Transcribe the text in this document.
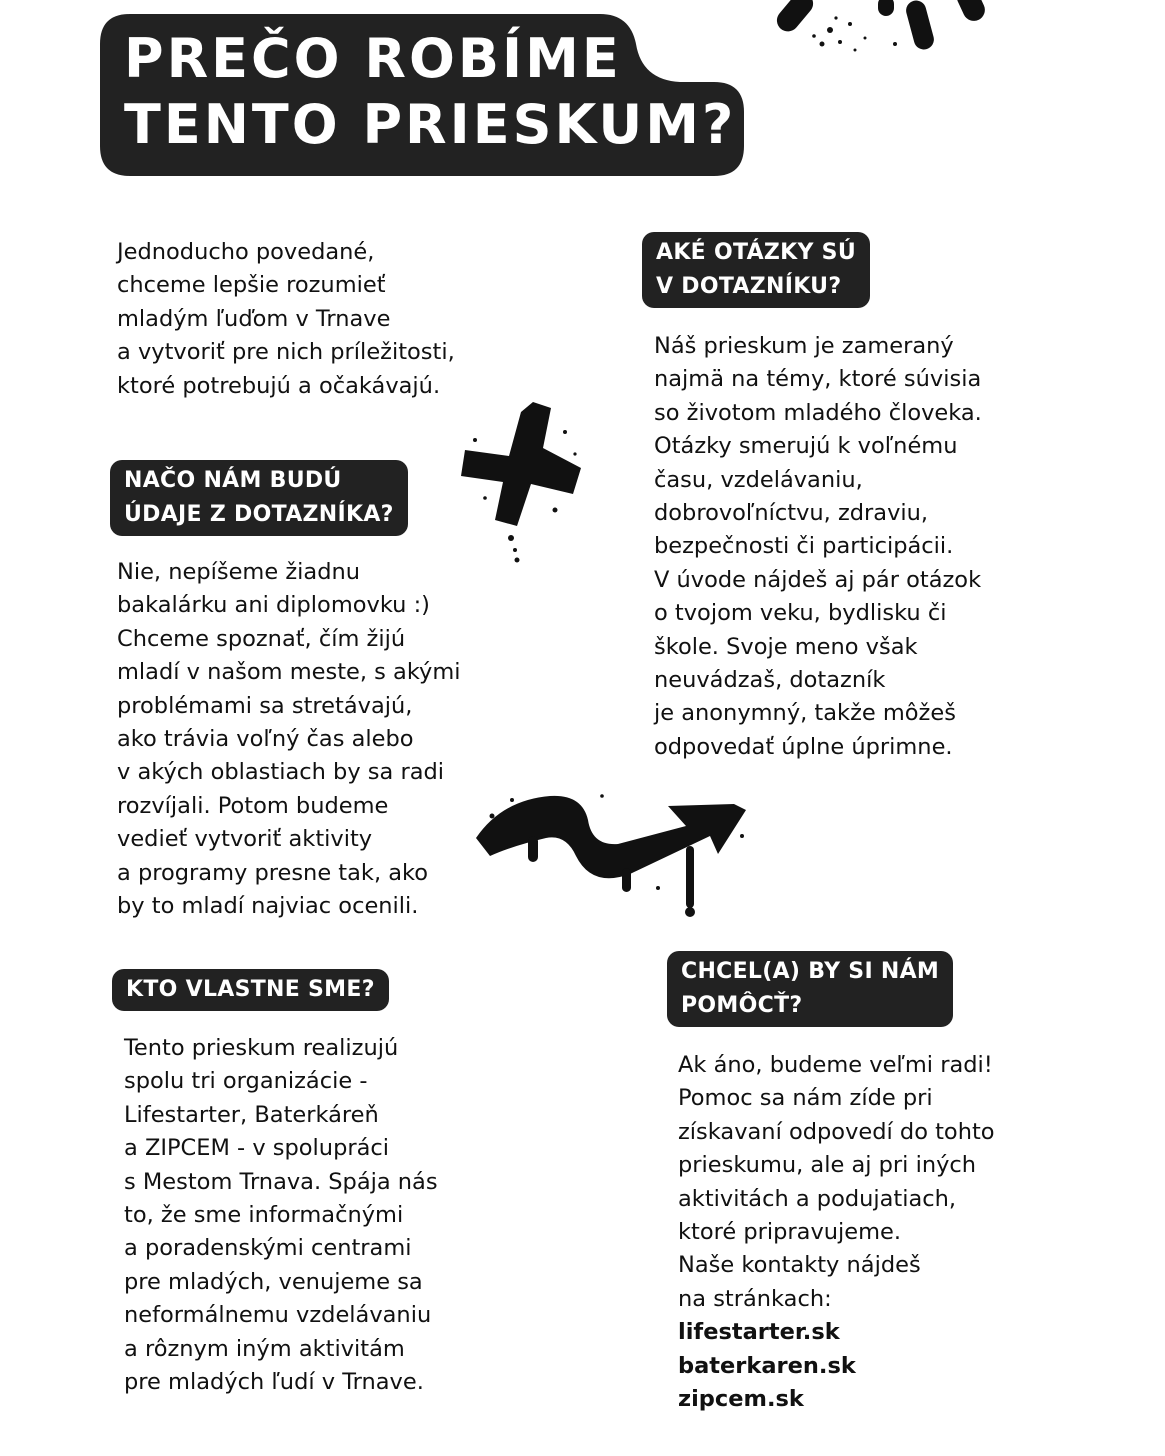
PREČO ROBÍME
TENTO PRIESKUM?

Jednoducho povedané,
chceme lepšie rozumieť
mladým ľuďom v Trnave
a vytvoriť pre nich príležitosti,
ktoré potrebujú a očakávajú.

NAČO NÁM BUDÚ
ÚDAJE Z DOTAZNÍKA?

Nie, nepíšeme žiadnu
bakalárku ani diplomovku :)
Chceme spoznať, čím žijú
mladí v našom meste, s akými
problémami sa stretávajú,
ako trávia voľný čas alebo
v akých oblastiach by sa radi
rozvíjali. Potom budeme
vedieť vytvoriť aktivity
a programy presne tak, ako
by to mladí najviac ocenili.

AKÉ OTÁZKY SÚ
V DOTAZNÍKU?

Náš prieskum je zameraný
najmä na témy, ktoré súvisia
so životom mladého človeka.
Otázky smerujú k voľnému
času, vzdelávaniu,
dobrovoľníctvu, zdraviu,
bezpečnosti či participácii.
V úvode nájdeš aj pár otázok
o tvojom veku, bydlisku či
škole. Svoje meno však
neuvádzaš, dotazník
je anonymný, takže môžeš
odpovedať úplne úprimne.

KTO VLASTNE SME?

Tento prieskum realizujú
spolu tri organizácie -
Lifestarter, Baterkáreň
a ZIPCEM - v spolupráci
s Mestom Trnava. Spája nás
to, že sme informačnými
a poradenskými centrami
pre mladých, venujeme sa
neformálnemu vzdelávaniu
a rôznym iným aktivitám
pre mladých ľudí v Trnave.

CHCEL(A) BY SI NÁM
POMÔCŤ?

Ak áno, budeme veľmi radi!
Pomoc sa nám zíde pri
získavaní odpovedí do tohto
prieskumu, ale aj pri iných
aktivitách a podujatiach,
ktoré pripravujeme.
Naše kontakty nájdeš
na stránkach:
lifestarter.sk
baterkaren.sk
zipcem.sk
